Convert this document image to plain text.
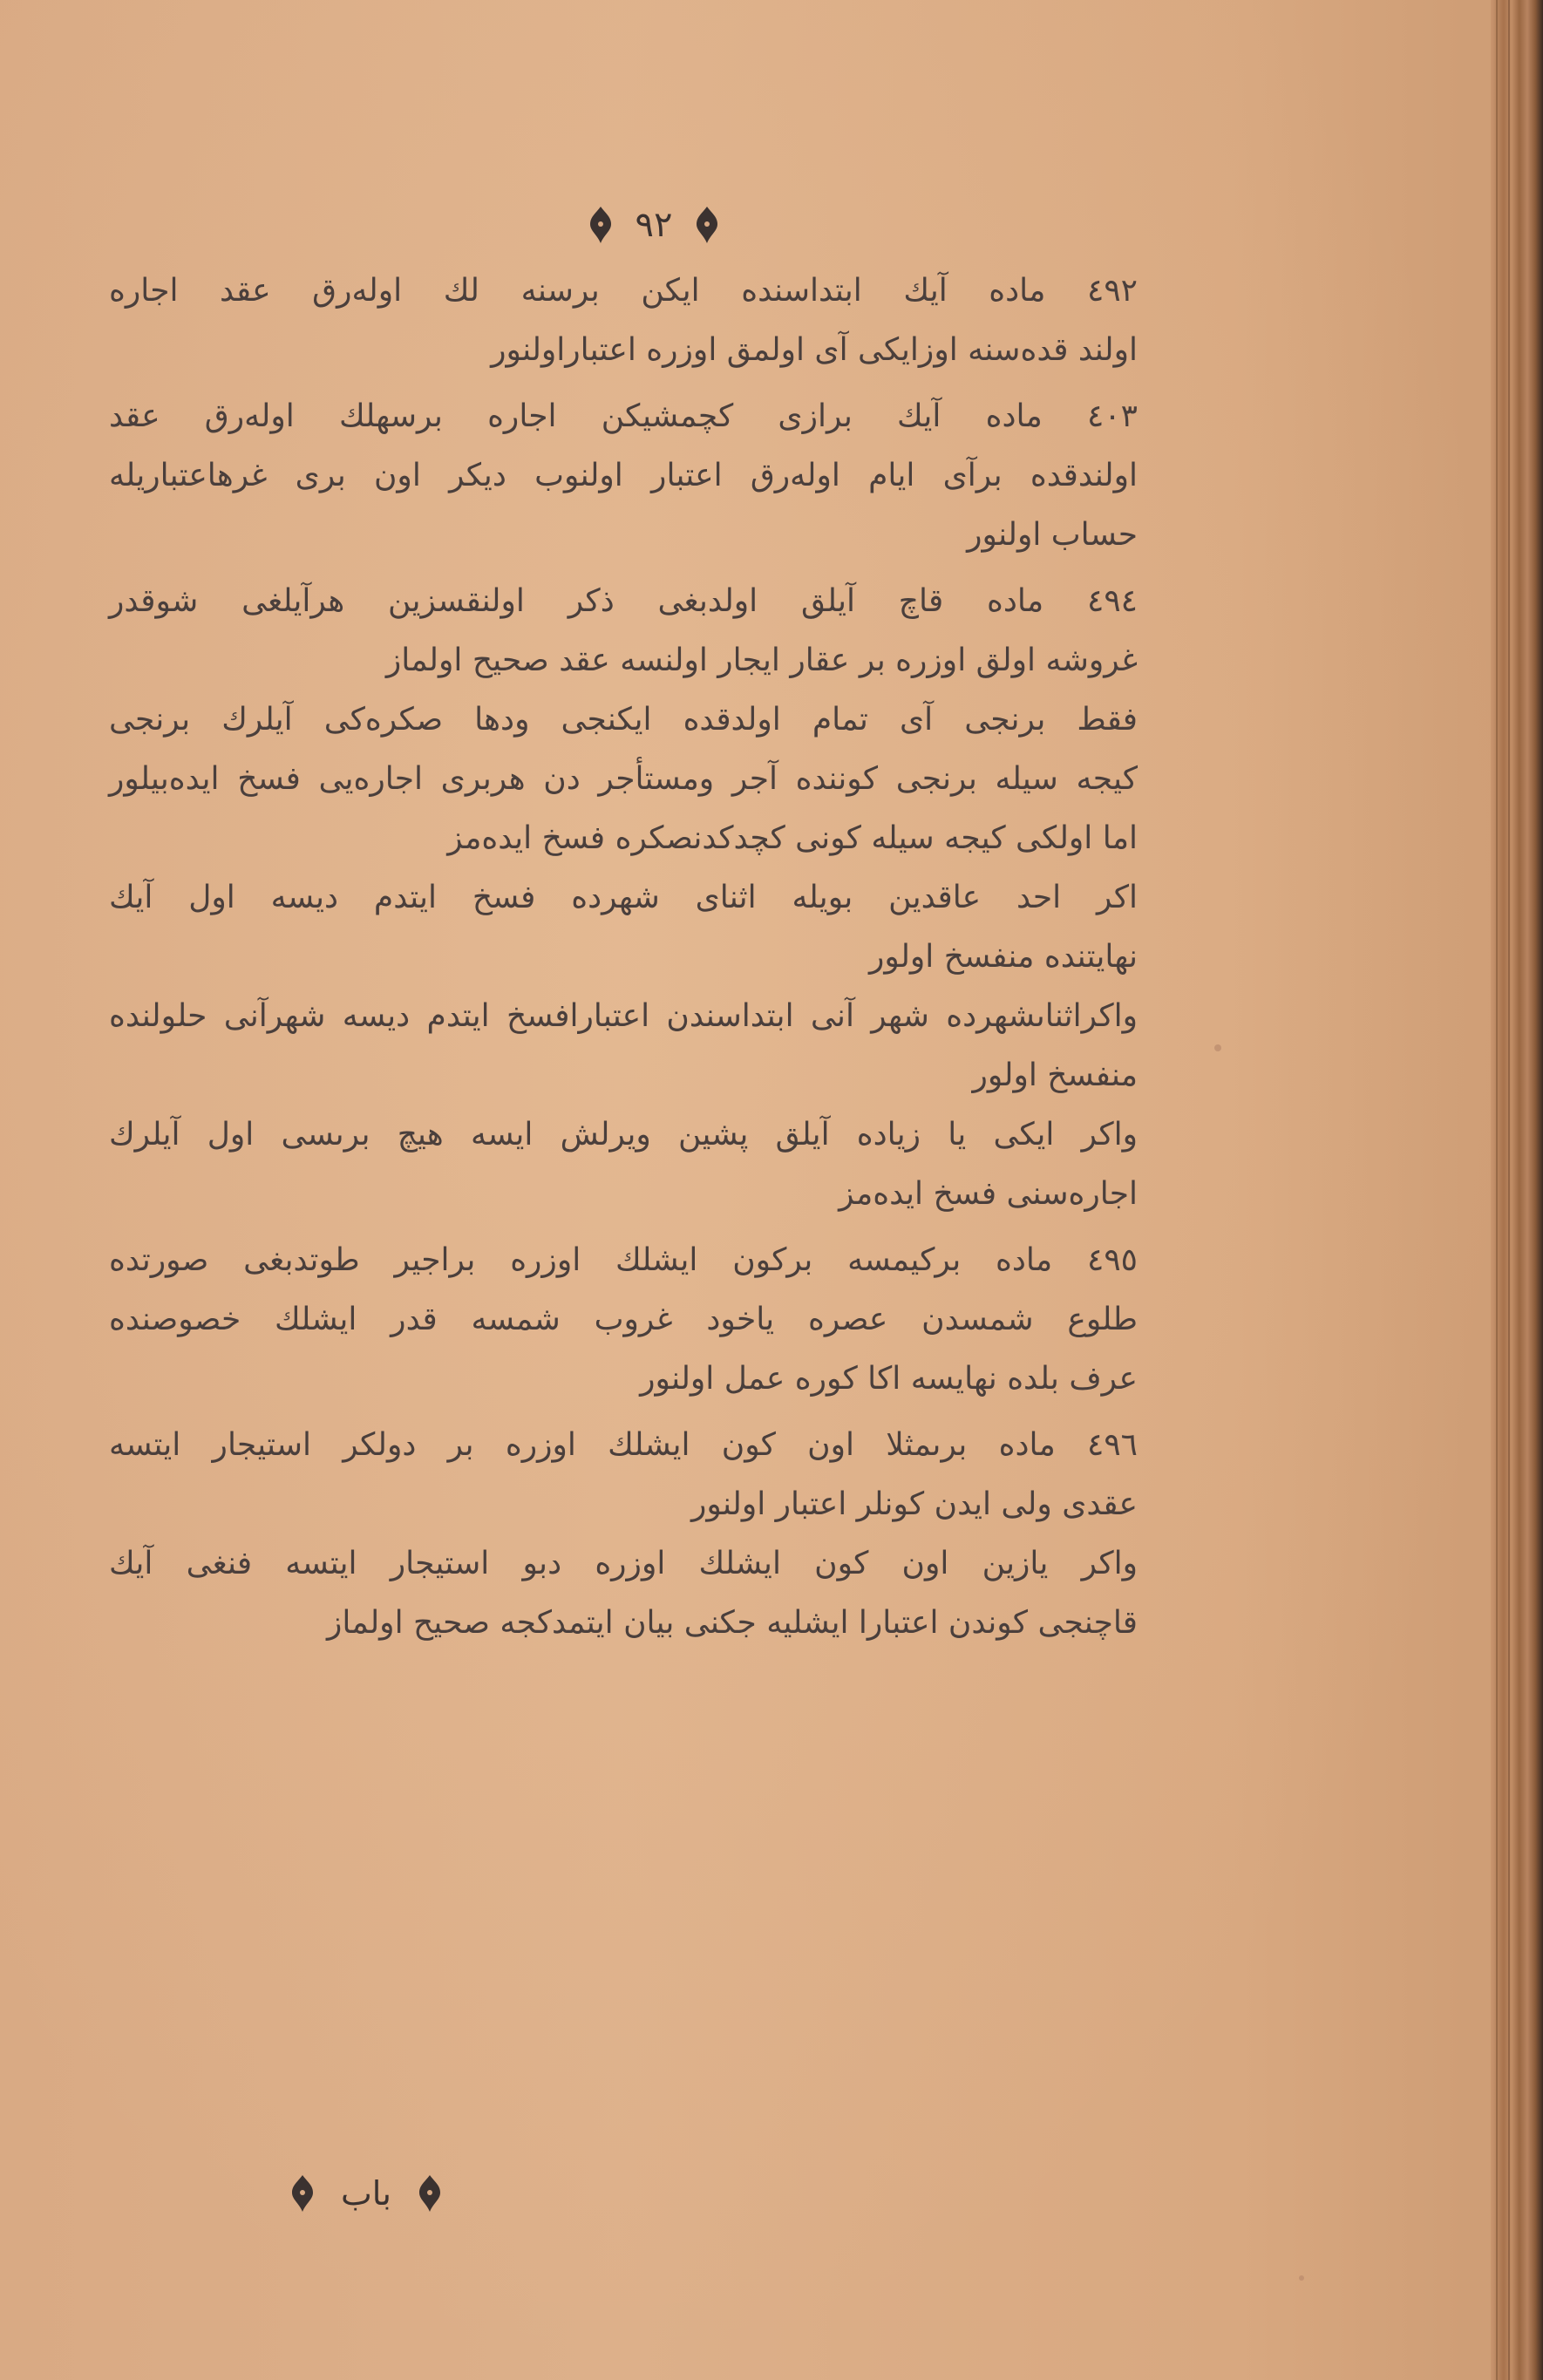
٩٢
٤٩٢ ماده آيك ابتداسنده ايكن برسنه لك اولەرق عقد اجاره
اولند قدەسنه اوزايكى آى اولمق اوزره اعتباراولنور
٤٠٣ ماده آيك برازى كچمشيكن اجاره برسهلك اولەرق عقد
اولندقده برآى ايام اولەرق اعتبار اولنوب ديكر اون برى غرهاعتباريله
حساب اولنور
٤٩٤ ماده قاچ آيلق اولدبغى ذكر اولنقسزين هرآيلغى شوقدر
غروشه اولق اوزره بر عقار ايجار اولنسه عقد صحيح اولماز
فقط برنجى آى تمام اولدقده ايكنجى ودها صكرەكى آيلرك برنجى
كيجه سيله برنجى كوننده آجر ومستأجر دن هربرى اجارەيى فسخ ايدەبيلور
اما اولكى كيجه سيله كونى كچدكدنصكره فسخ ايدەمز
اكر احد عاقدين بويله اثناى شهرده فسخ ايتدم ديسه اول آيك
نهايتنده منفسخ اولور
واكراثناىشهرده شهر آنى ابتداسندن اعتبارافسخ ايتدم ديسه شهرآنى حلولنده
منفسخ اولور
واكر ايكى يا زياده آيلق پشين ويرلش ايسه هيچ برىسى اول آيلرك
اجارەسنى فسخ ايدەمز
٤٩٥ ماده بركيمسه بركون ايشلك اوزره براجير طوتدبغى صورتده
طلوع شمسدن عصره ياخود غروب شمسه قدر ايشلك خصوصنده
عرف بلده نهايسه اكا كوره عمل اولنور
٤٩٦ ماده برىمثلا اون كون ايشلك اوزره بر دولكر استيجار ايتسه
عقدى ولى ايدن كونلر اعتبار اولنور
واكر يازين اون كون ايشلك اوزره دبو استيجار ايتسه فنغى آيك
قاچنجى كوندن اعتبارا ايشليه جكنى بيان ايتمدكجه صحيح اولماز
باب
